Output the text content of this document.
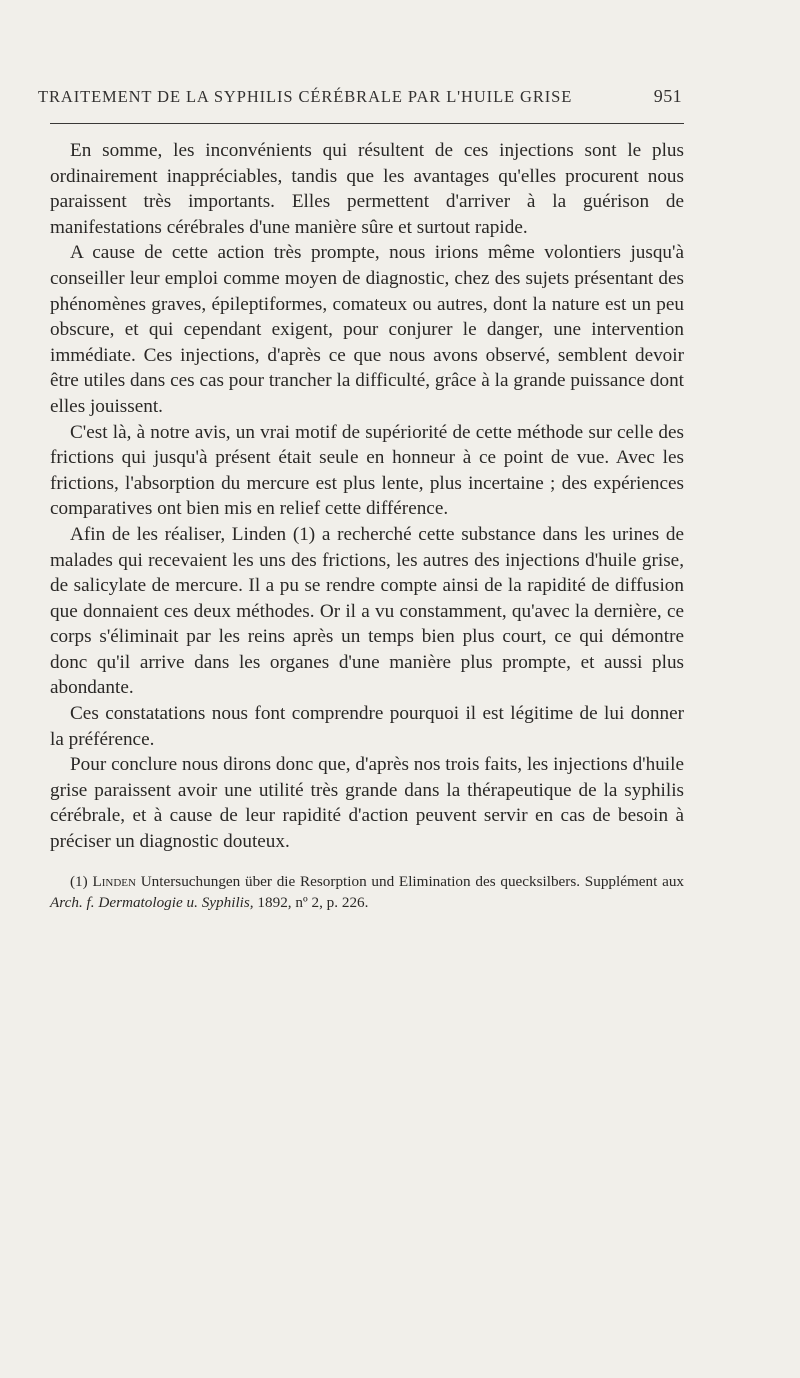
TRAITEMENT DE LA SYPHILIS CÉRÉBRALE PAR L'HUILE GRISE	951

En somme, les inconvénients qui résultent de ces injections sont le plus ordinairement inappréciables, tandis que les avantages qu'elles procurent nous paraissent très importants. Elles permettent d'arriver à la guérison de manifestations cérébrales d'une manière sûre et surtout rapide.

A cause de cette action très prompte, nous irions même volontiers jusqu'à conseiller leur emploi comme moyen de diagnostic, chez des sujets présentant des phénomènes graves, épileptiformes, comateux ou autres, dont la nature est un peu obscure, et qui cependant exigent, pour conjurer le danger, une intervention immédiate. Ces injections, d'après ce que nous avons observé, semblent devoir être utiles dans ces cas pour trancher la difficulté, grâce à la grande puissance dont elles jouissent.

C'est là, à notre avis, un vrai motif de supériorité de cette méthode sur celle des frictions qui jusqu'à présent était seule en honneur à ce point de vue. Avec les frictions, l'absorption du mercure est plus lente, plus incertaine ; des expériences comparatives ont bien mis en relief cette différence.

Afin de les réaliser, Linden (1) a recherché cette substance dans les urines de malades qui recevaient les uns des frictions, les autres des injections d'huile grise, de salicylate de mercure. Il a pu se rendre compte ainsi de la rapidité de diffusion que donnaient ces deux méthodes. Or il a vu constamment, qu'avec la dernière, ce corps s'éliminait par les reins après un temps bien plus court, ce qui démontre donc qu'il arrive dans les organes d'une manière plus prompte, et aussi plus abondante.

Ces constatations nous font comprendre pourquoi il est légitime de lui donner la préférence.

Pour conclure nous dirons donc que, d'après nos trois faits, les injections d'huile grise paraissent avoir une utilité très grande dans la thérapeutique de la syphilis cérébrale, et à cause de leur rapidité d'action peuvent servir en cas de besoin à préciser un diagnostic douteux.

(1) Linden Untersuchungen über die Resorption und Elimination des quecksilbers. Supplément aux Arch. f. Dermatologie u. Syphilis, 1892, nº 2, p. 226.
